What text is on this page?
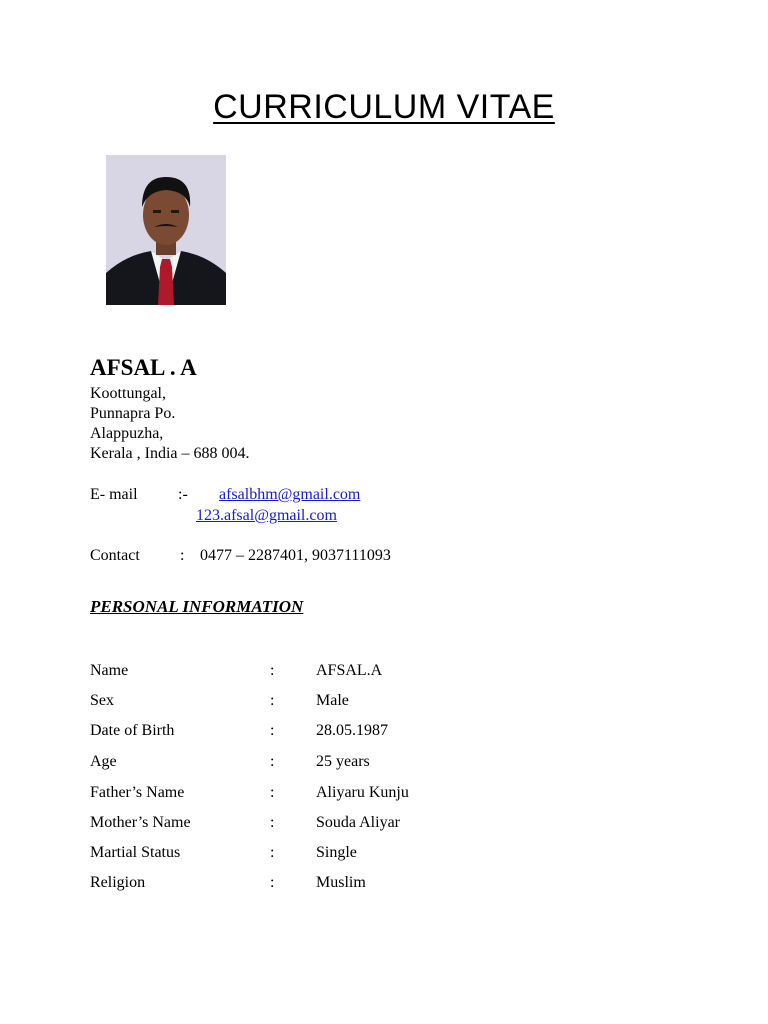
CURRICULUM VITAE
AFSAL . A
Koottungal,
Punnapra Po.
Alappuzha,
Kerala , India – 688 004.
E- mail	:- afsalbhm@gmail.com
123.afsal@gmail.com
Contact	: 0477 – 2287401, 9037111093
PERSONAL INFORMATION
Name	:	AFSAL.A
Sex	:	Male
Date of Birth	:	28.05.1987
Age	:	25 years
Father’s Name	:	Aliyaru Kunju
Mother’s Name	:	Souda Aliyar
Martial Status	:	Single
Religion	:	Muslim
